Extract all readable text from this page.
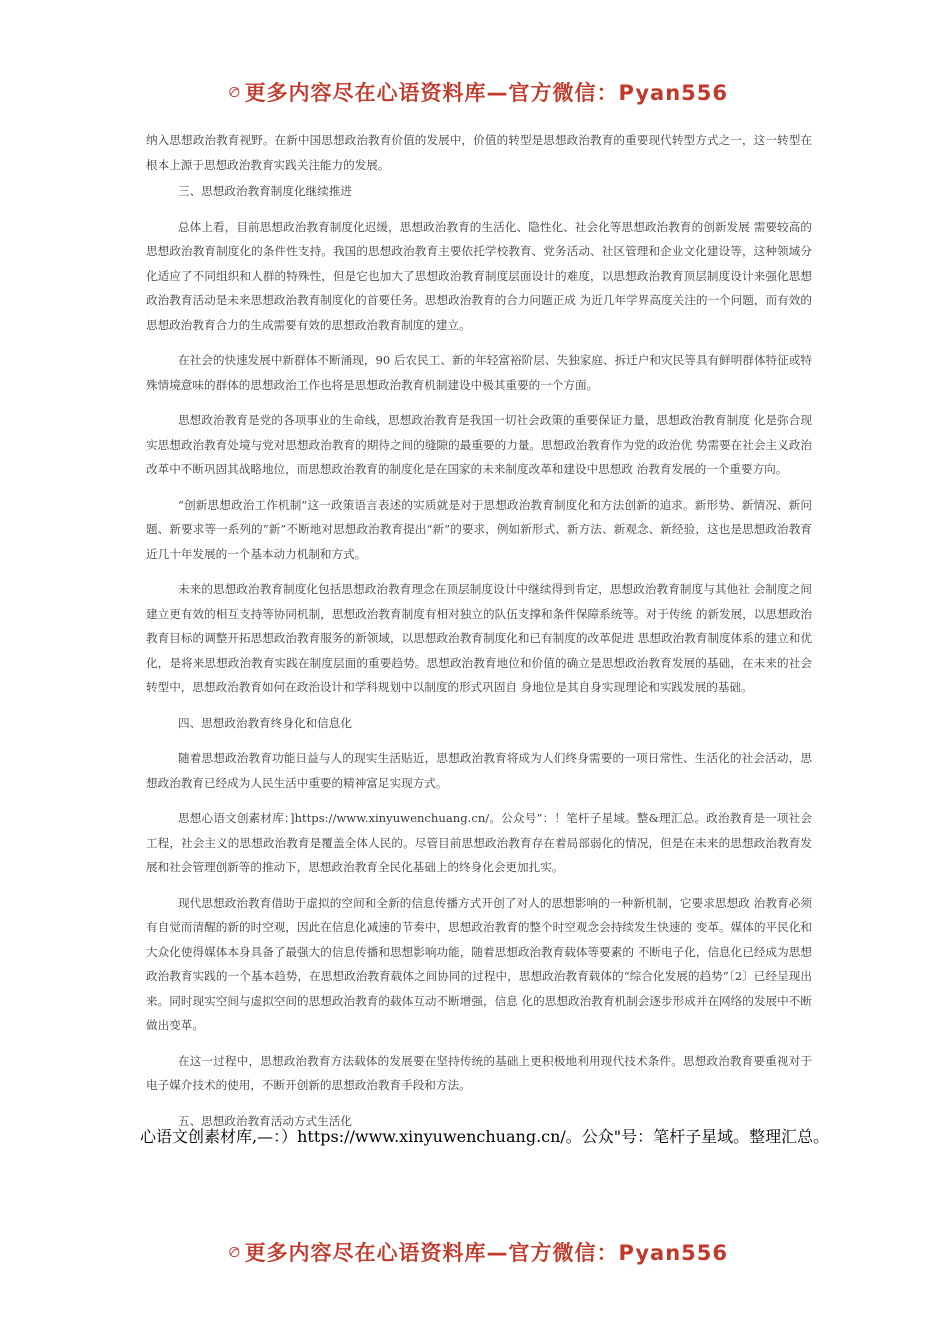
更多内容尽在心语资料库—官方微信：Pyan556

纳入思想政治教育视野。在新中国思想政治教育价值的发展中，价值的转型是思想政治教育的重要现代转型方式之一，这一转型在根本上源于思想政治教育实践关注能力的发展。

三、思想政治教育制度化继续推进

总体上看，目前思想政治教育制度化迟缓，思想政治教育的生活化、隐性化、社会化等思想政治教育的创新发展 需要较高的思想政治教育制度化的条件性支持。我国的思想政治教育主要依托学校教育、党务活动、社区管理和企业文化建设等，这种领域分化适应了不同组织和人群的特殊性，但是它也加大了思想政治教育制度层面设计的难度，以思想政治教育顶层制度设计来强化思想政治教育活动是未来思想政治教育制度化的首要任务。思想政治教育的合力问题正成 为近几年学界高度关注的一个问题，而有效的思想政治教育合力的生成需要有效的思想政治教育制度的建立。

在社会的快速发展中新群体不断涌现，90 后农民工、新的年轻富裕阶层、失独家庭、拆迁户和灾民等具有鲜明群体特征或特殊情境意味的群体的思想政治工作也将是思想政治教育机制建设中极其重要的一个方面。

思想政治教育是党的各项事业的生命线，思想政治教育是我国一切社会政策的重要保证力量，思想政治教育制度 化是弥合现实思想政治教育处境与党对思想政治教育的期待之间的缝隙的最重要的力量。思想政治教育作为党的政治优 势需要在社会主义政治改革中不断巩固其战略地位，而思想政治教育的制度化是在国家的未来制度改革和建设中思想政 治教育发展的一个重要方向。

“创新思想政治工作机制”这一政策语言表述的实质就是对于思想政治教育制度化和方法创新的追求。新形势、新情况、新问题、新要求等一系列的“新”不断地对思想政治教育提出“新”的要求，例如新形式、新方法、新观念、新经验，这也是思想政治教育近几十年发展的一个基本动力机制和方式。

未来的思想政治教育制度化包括思想政治教育理念在顶层制度设计中继续得到肯定，思想政治教育制度与其他社 会制度之间建立更有效的相互支持等协同机制，思想政治教育制度有相对独立的队伍支撑和条件保障系统等。对于传统 的新发展，以思想政治教育目标的调整开拓思想政治教育服务的新领域，以思想政治教育制度化和已有制度的改革促进 思想政治教育制度体系的建立和优化，是将来思想政治教育实践在制度层面的重要趋势。思想政治教育地位和价值的确立是思想政治教育发展的基础，在未来的社会转型中，思想政治教育如何在政治设计和学科规划中以制度的形式巩固自 身地位是其自身实现理论和实践发展的基础。

四、思想政治教育终身化和信息化

随着思想政治教育功能日益与人的现实生活贴近，思想政治教育将成为人们终身需要的一项日常性、生活化的社会活动，思想政治教育已经成为人民生活中重要的精神富足实现方式。

思想心语文创素材库：]https://www.xinyuwenchuang.cn/。公众号”：！笔杆子星域。整&理汇总。政治教育是一项社会工程，社会主义的思想政治教育是覆盖全体人民的。尽管目前思想政治教育存在着局部弱化的情况，但是在未来的思想政治教育发展和社会管理创新等的推动下，思想政治教育全民化基础上的终身化会更加扎实。

现代思想政治教育借助于虚拟的空间和全新的信息传播方式开创了对人的思想影响的一种新机制，它要求思想政 治教育必须有自觉而清醒的新的时空观，因此在信息化减速的节奏中，思想政治教育的整个时空观念会持续发生快速的 变革。媒体的平民化和大众化使得媒体本身具备了最强大的信息传播和思想影响功能，随着思想政治教育载体等要素的 不断电子化，信息化已经成为思想政治教育实践的一个基本趋势，在思想政治教育载体之间协同的过程中，思想政治教育载体的“综合化发展的趋势”〔2〕已经呈现出来。同时现实空间与虚拟空间的思想政治教育的载体互动不断增强，信息 化的思想政治教育机制会逐步形成并在网络的发展中不断做出变革。

在这一过程中，思想政治教育方法载体的发展要在坚持传统的基础上更积极地利用现代技术条件。思想政治教育要重视对于电子媒介技术的使用，不断开创新的思想政治教育手段和方法。

五、思想政治教育活动方式生活化

心语文创素材库,—：）https://www.xinyuwenchuang.cn/。公众"号：笔杆子星域。整理汇总。
更多内容尽在心语资料库—官方微信：Pyan556
